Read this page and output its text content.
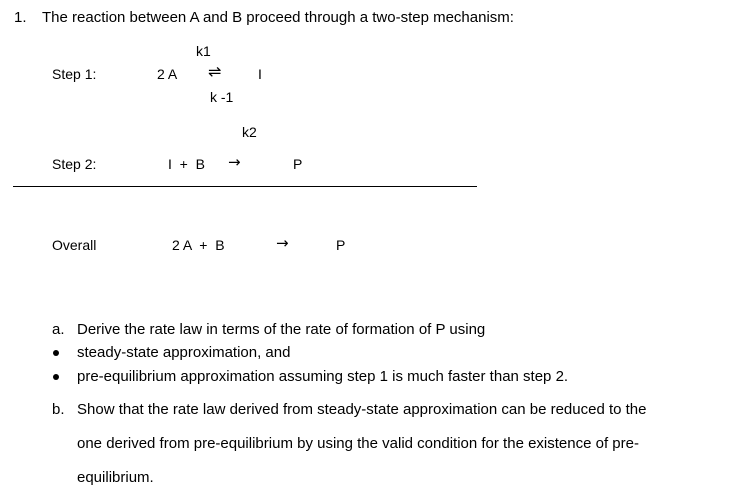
1. The reaction between A and B proceed through a two-step mechanism:
k1
Step 1:	2 A ⇌	I
k -1
k2
Step 2:	I  +  B →	P
Overall	2 A  +  B	→	P
a. Derive the rate law in terms of the rate of formation of P using
steady-state approximation, and
pre-equilibrium approximation assuming step 1 is much faster than step 2.
b. Show that the rate law derived from steady-state approximation can be reduced to the
one derived from pre-equilibrium by using the valid condition for the existence of pre-
equilibrium.
